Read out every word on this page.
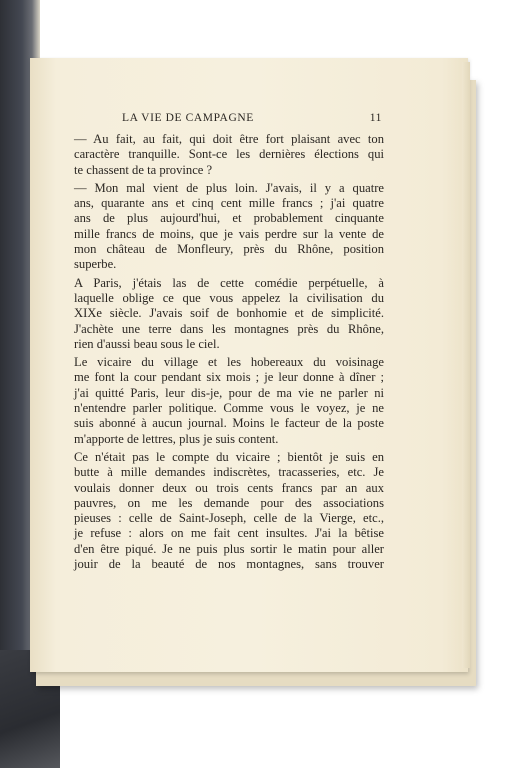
LA VIE DE CAMPAGNE	11
— Au fait, au fait, qui doit être fort plaisant avec ton
caractère tranquille. Sont-ce les dernières élections qui
te chassent de ta province ?
— Mon mal vient de plus loin. J'avais, il y a quatre
ans, quarante ans et cinq cent mille francs ; j'ai quatre
ans de plus aujourd'hui, et probablement cinquante
mille francs de moins, que je vais perdre sur la vente de
mon château de Monfleury, près du Rhône, position
superbe.
A Paris, j'étais las de cette comédie perpétuelle, à
laquelle oblige ce que vous appelez la civilisation du
XIXe siècle. J'avais soif de bonhomie et de simplicité.
J'achète une terre dans les montagnes près du Rhône,
rien d'aussi beau sous le ciel.
Le vicaire du village et les hobereaux du voisinage
me font la cour pendant six mois ; je leur donne à dîner ;
j'ai quitté Paris, leur dis-je, pour de ma vie ne parler ni
n'entendre parler politique. Comme vous le voyez, je ne
suis abonné à aucun journal. Moins le facteur de la poste
m'apporte de lettres, plus je suis content.
Ce n'était pas le compte du vicaire ; bientôt je suis en
butte à mille demandes indiscrètes, tracasseries, etc. Je
voulais donner deux ou trois cents francs par an aux
pauvres, on me les demande pour des associations
pieuses : celle de Saint-Joseph, celle de la Vierge, etc.,
je refuse : alors on me fait cent insultes. J'ai la bêtise
d'en être piqué. Je ne puis plus sortir le matin pour aller
jouir de la beauté de nos montagnes, sans trouver
